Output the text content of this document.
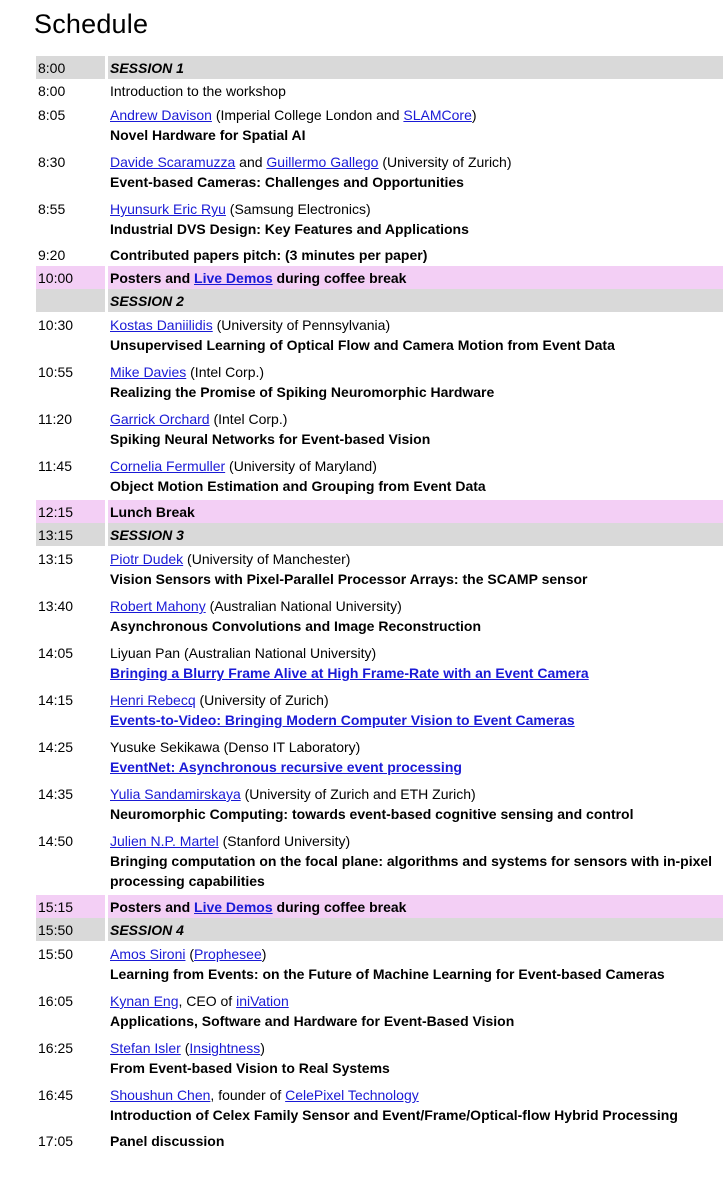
Schedule
8:00	SESSION 1
8:00	Introduction to the workshop
8:05	Andrew Davison (Imperial College London and SLAMCore)
Novel Hardware for Spatial AI
8:30	Davide Scaramuzza and Guillermo Gallego (University of Zurich)
Event-based Cameras: Challenges and Opportunities
8:55	Hyunsurk Eric Ryu (Samsung Electronics)
Industrial DVS Design: Key Features and Applications
9:20	Contributed papers pitch: (3 minutes per paper)
10:00	Posters and Live Demos during coffee break
SESSION 2
10:30	Kostas Daniilidis (University of Pennsylvania)
Unsupervised Learning of Optical Flow and Camera Motion from Event Data
10:55	Mike Davies (Intel Corp.)
Realizing the Promise of Spiking Neuromorphic Hardware
11:20	Garrick Orchard (Intel Corp.)
Spiking Neural Networks for Event-based Vision
11:45	Cornelia Fermuller (University of Maryland)
Object Motion Estimation and Grouping from Event Data
12:15	Lunch Break
13:15	SESSION 3
13:15	Piotr Dudek (University of Manchester)
Vision Sensors with Pixel-Parallel Processor Arrays: the SCAMP sensor
13:40	Robert Mahony (Australian National University)
Asynchronous Convolutions and Image Reconstruction
14:05	Liyuan Pan (Australian National University)
Bringing a Blurry Frame Alive at High Frame-Rate with an Event Camera
14:15	Henri Rebecq (University of Zurich)
Events-to-Video: Bringing Modern Computer Vision to Event Cameras
14:25	Yusuke Sekikawa (Denso IT Laboratory)
EventNet: Asynchronous recursive event processing
14:35	Yulia Sandamirskaya (University of Zurich and ETH Zurich)
Neuromorphic Computing: towards event-based cognitive sensing and control
14:50	Julien N.P. Martel (Stanford University)
Bringing computation on the focal plane: algorithms and systems for sensors with in-pixel processing capabilities
15:15	Posters and Live Demos during coffee break
15:50	SESSION 4
15:50	Amos Sironi (Prophesee)
Learning from Events: on the Future of Machine Learning for Event-based Cameras
16:05	Kynan Eng, CEO of iniVation
Applications, Software and Hardware for Event-Based Vision
16:25	Stefan Isler (Insightness)
From Event-based Vision to Real Systems
16:45	Shoushun Chen, founder of CelePixel Technology
Introduction of Celex Family Sensor and Event/Frame/Optical-flow Hybrid Processing
17:05	Panel discussion
